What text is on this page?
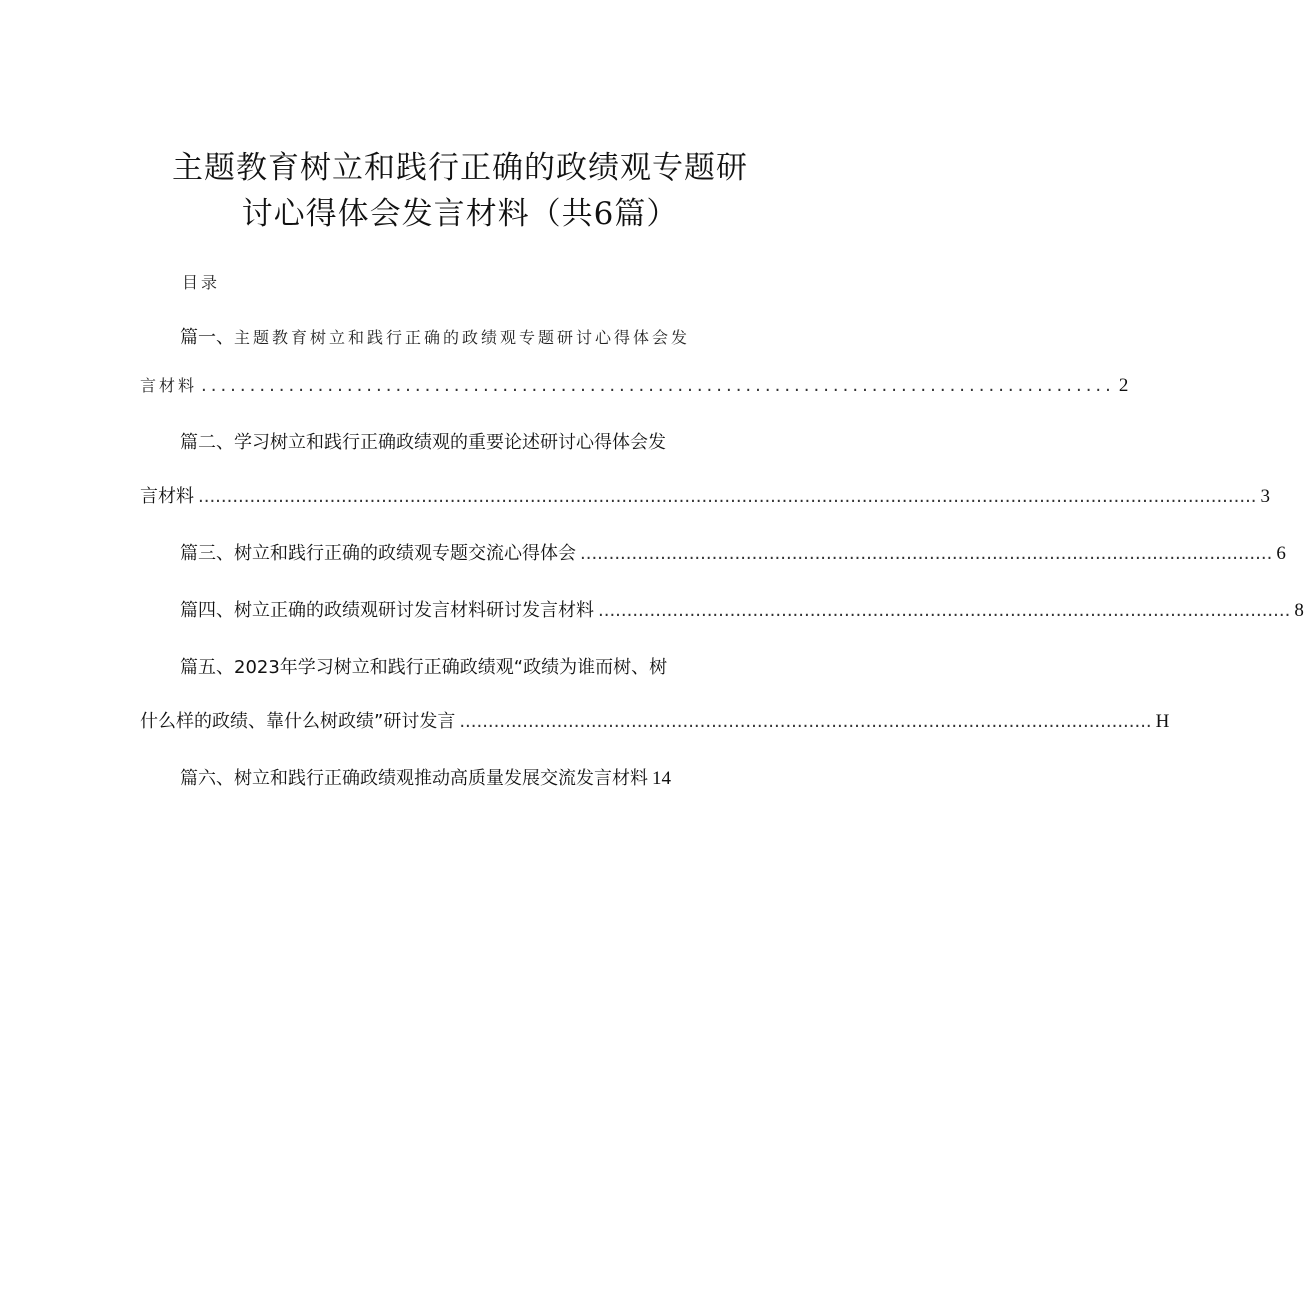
主题教育树立和践行正确的政绩观专题研
讨心得体会发言材料（共6篇）
目录
篇一、 主题教育树立和践行正确的政绩观专题研讨心得体会发
言材料 .............................................................................................. 2
篇二、学习树立和践行正确政绩观的重要论述研讨心得体会发
言材料 ......................................................................................................................................................................................... 3
篇三、树立和践行正确的政绩观专题交流心得体会 ......................................................................................................................... 6
篇四、树立正确的政绩观研讨发言材料研讨发言材料 ......................................................................................................................... 8
篇五、2023年学习树立和践行正确政绩观“政绩为谁而树、树
什么样的政绩、靠什么树政绩”研讨发言 ......................................................................................................................... H
篇六、树立和践行正确政绩观推动高质量发展交流发言材料 14
